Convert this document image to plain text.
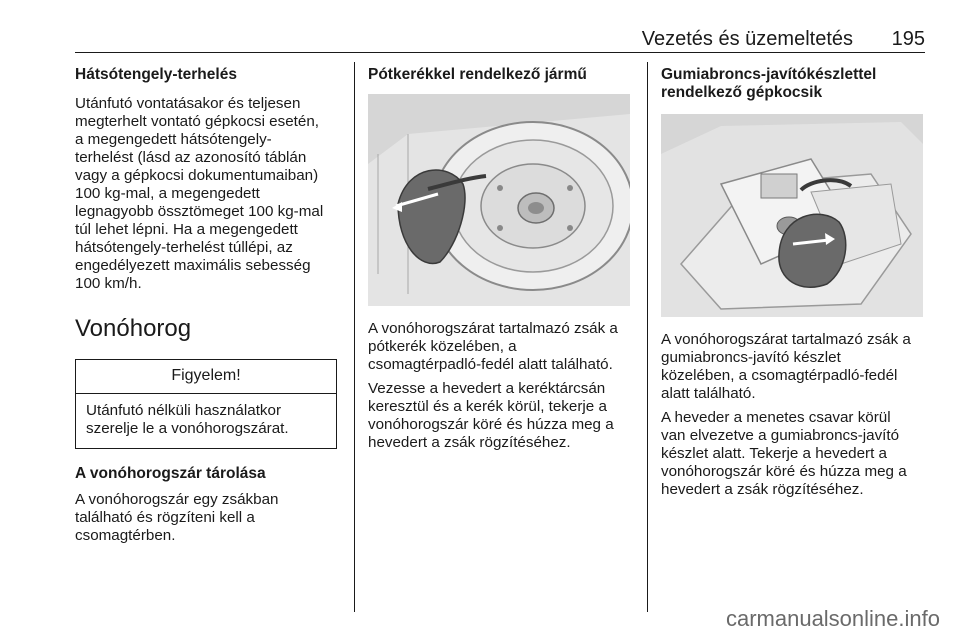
Vezetés és üzemeltetés 195
Hátsótengely-terhelés

Utánfutó vontatásakor és teljesen
megterhelt vontató gépkocsi esetén,
a megengedett hátsótengely-
terhelést (lásd az azonosító táblán
vagy a gépkocsi dokumentumaiban)
100 kg-mal, a megengedett
legnagyobb össztömeget 100 kg-mal
túl lehet lépni. Ha a megengedett
hátsótengely-terhelést túllépi, az
engedélyezett maximális sebesség
100 km/h.

Vonóhorog
Figyelem!
Utánfutó nélküli használatkor
szerelje le a vonóhorogszárat.
A vonóhorogszár tárolása

A vonóhorogszár egy zsákban
található és rögzíteni kell a
csomagtérben.

Pótkerékkel rendelkező jármű

A vonóhorogszárat tartalmazó zsák a
pótkerék közelében, a
csomagtérpadló-fedél alatt található.

Vezesse a hevedert a keréktárcsán
keresztül és a kerék körül, tekerje a
vonóhorogszár köré és húzza meg a
hevedert a zsák rögzítéséhez.

Gumiabroncs-javítókészlettel
rendelkező gépkocsik

A vonóhorogszárat tartalmazó zsák a
gumiabroncs-javító készlet
közelében, a csomagtérpadló-fedél
alatt található.

A heveder a menetes csavar körül
van elvezetve a gumiabroncs-javító
készlet alatt. Tekerje a hevedert a
vonóhorogszár köré és húzza meg a
hevedert a zsák rögzítéséhez.

carmanualsonline.info
